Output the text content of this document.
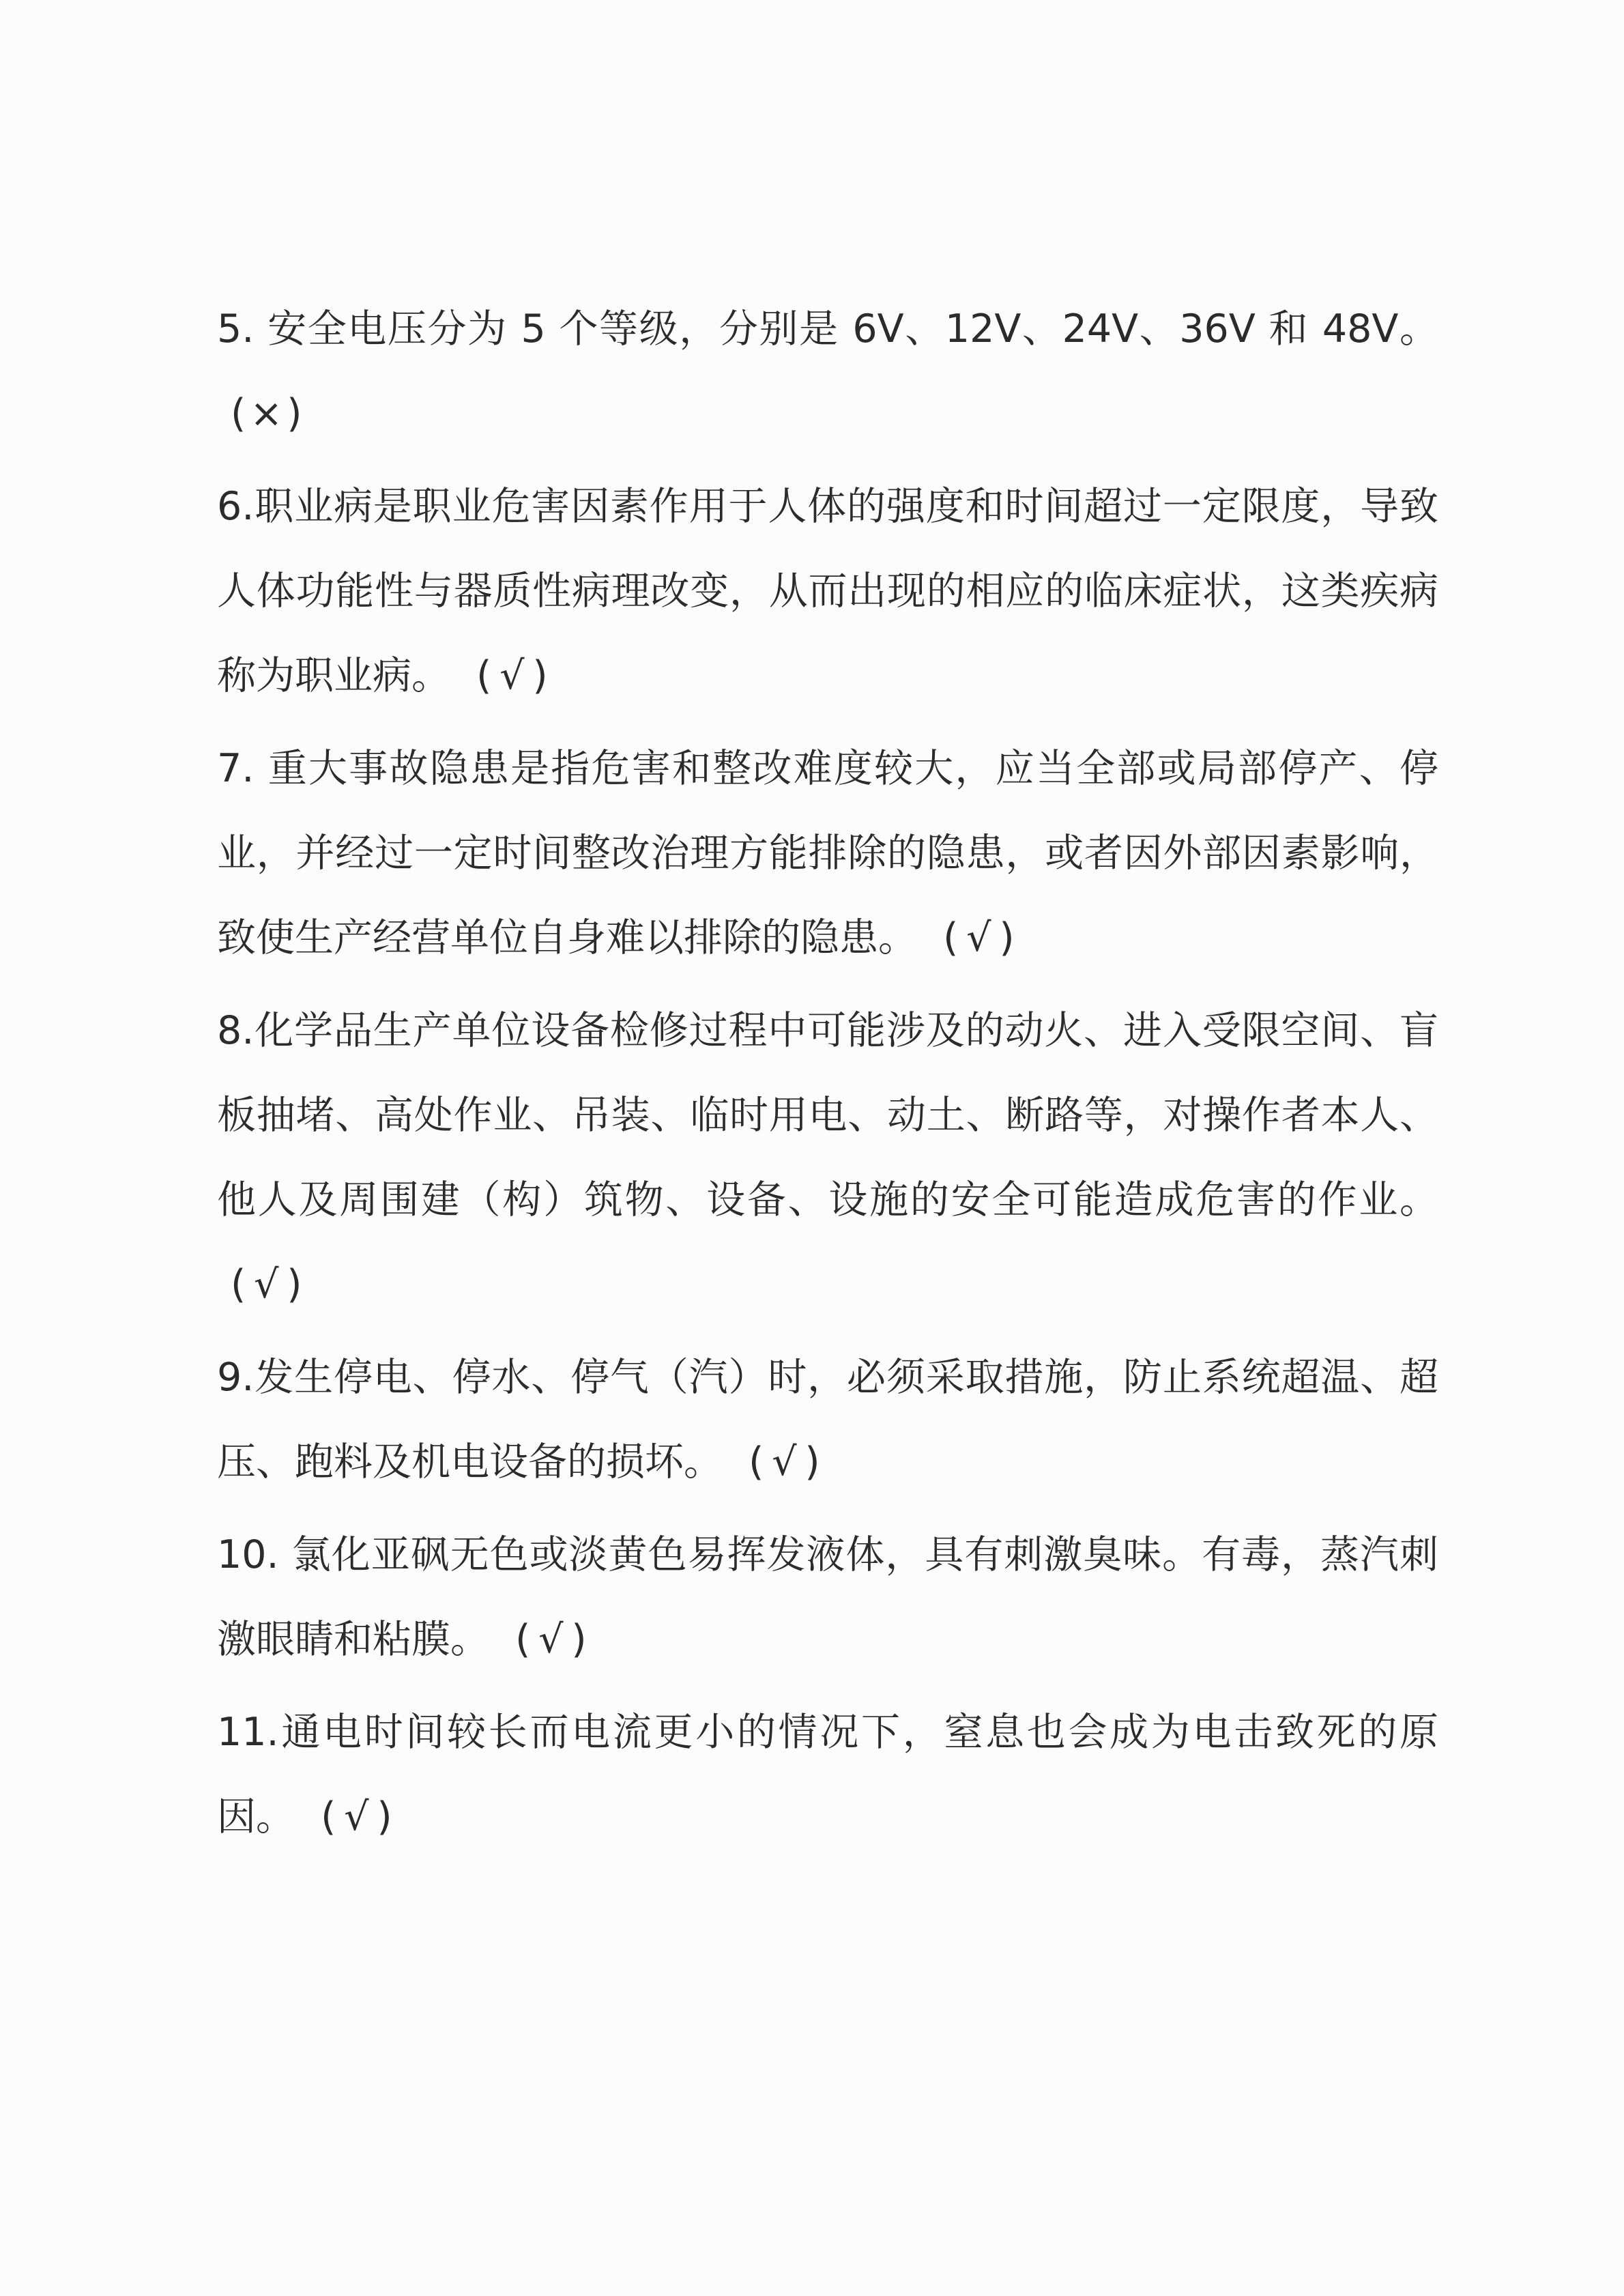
5. 安全电压分为 5 个等级，分别是 6V、12V、24V、36V 和 48V。 ( × )

6.职业病是职业危害因素作用于人体的强度和时间超过一定限度，导致人体功能性与器质性病理改变，从而出现的相应的临床症状，这类疾病称为职业病。 ( √ )

7. 重大事故隐患是指危害和整改难度较大，应当全部或局部停产、停业，并经过一定时间整改治理方能排除的隐患，或者因外部因素影响，致使生产经营单位自身难以排除的隐患。 ( √ )

8.化学品生产单位设备检修过程中可能涉及的动火、进入受限空间、盲板抽堵、高处作业、吊装、临时用电、动土、断路等，对操作者本人、他人及周围建（构）筑物、设备、设施的安全可能造成危害的作业。 ( √ )

9.发生停电、停水、停气（汽）时，必须采取措施，防止系统超温、超压、跑料及机电设备的损坏。 ( √ )

10. 氯化亚砜无色或淡黄色易挥发液体，具有刺激臭味。有毒，蒸汽刺激眼睛和粘膜。 ( √ )

11.通电时间较长而电流更小的情况下，窒息也会成为电击致死的原因。 ( √ )
